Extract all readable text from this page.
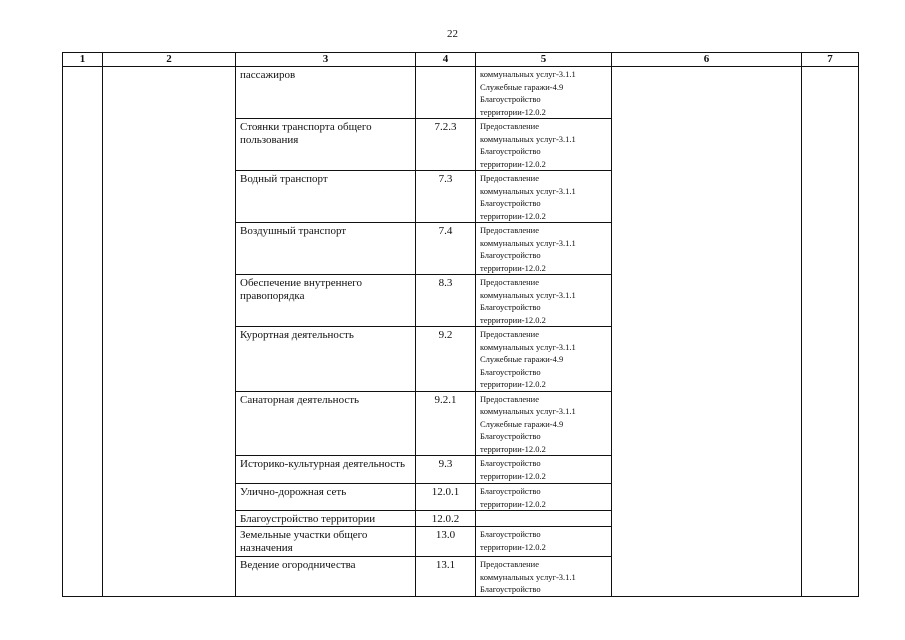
22
1	2	3	4	5	6	7

		пассажиров		коммунальных услуг-3.1.1
Служебные гаражи-4.9
Благоустройство
территории-12.0.2		

		Стоянки транспорта общего пользования	7.2.3	Предоставление
коммунальных услуг-3.1.1
Благоустройство
территории-12.0.2		

		Водный транспорт	7.3	Предоставление
коммунальных услуг-3.1.1
Благоустройство
территории-12.0.2		

		Воздушный транспорт	7.4	Предоставление
коммунальных услуг-3.1.1
Благоустройство
территории-12.0.2		

		Обеспечение внутреннего правопорядка	8.3	Предоставление
коммунальных услуг-3.1.1
Благоустройство
территории-12.0.2		

		Курортная деятельность	9.2	Предоставление
коммунальных услуг-3.1.1
Служебные гаражи-4.9
Благоустройство
территории-12.0.2		

		Санаторная деятельность	9.2.1	Предоставление
коммунальных услуг-3.1.1
Служебные гаражи-4.9
Благоустройство
территории-12.0.2		

		Историко-культурная деятельность	9.3	Благоустройство
территории-12.0.2		

		Улично-дорожная сеть	12.0.1	Благоустройство
территории-12.0.2		

		Благоустройство территории	12.0.2			

		Земельные участки общего назначения	13.0	Благоустройство
территории-12.0.2		

		Ведение огородничества	13.1	Предоставление
коммунальных услуг-3.1.1
Благоустройство		
